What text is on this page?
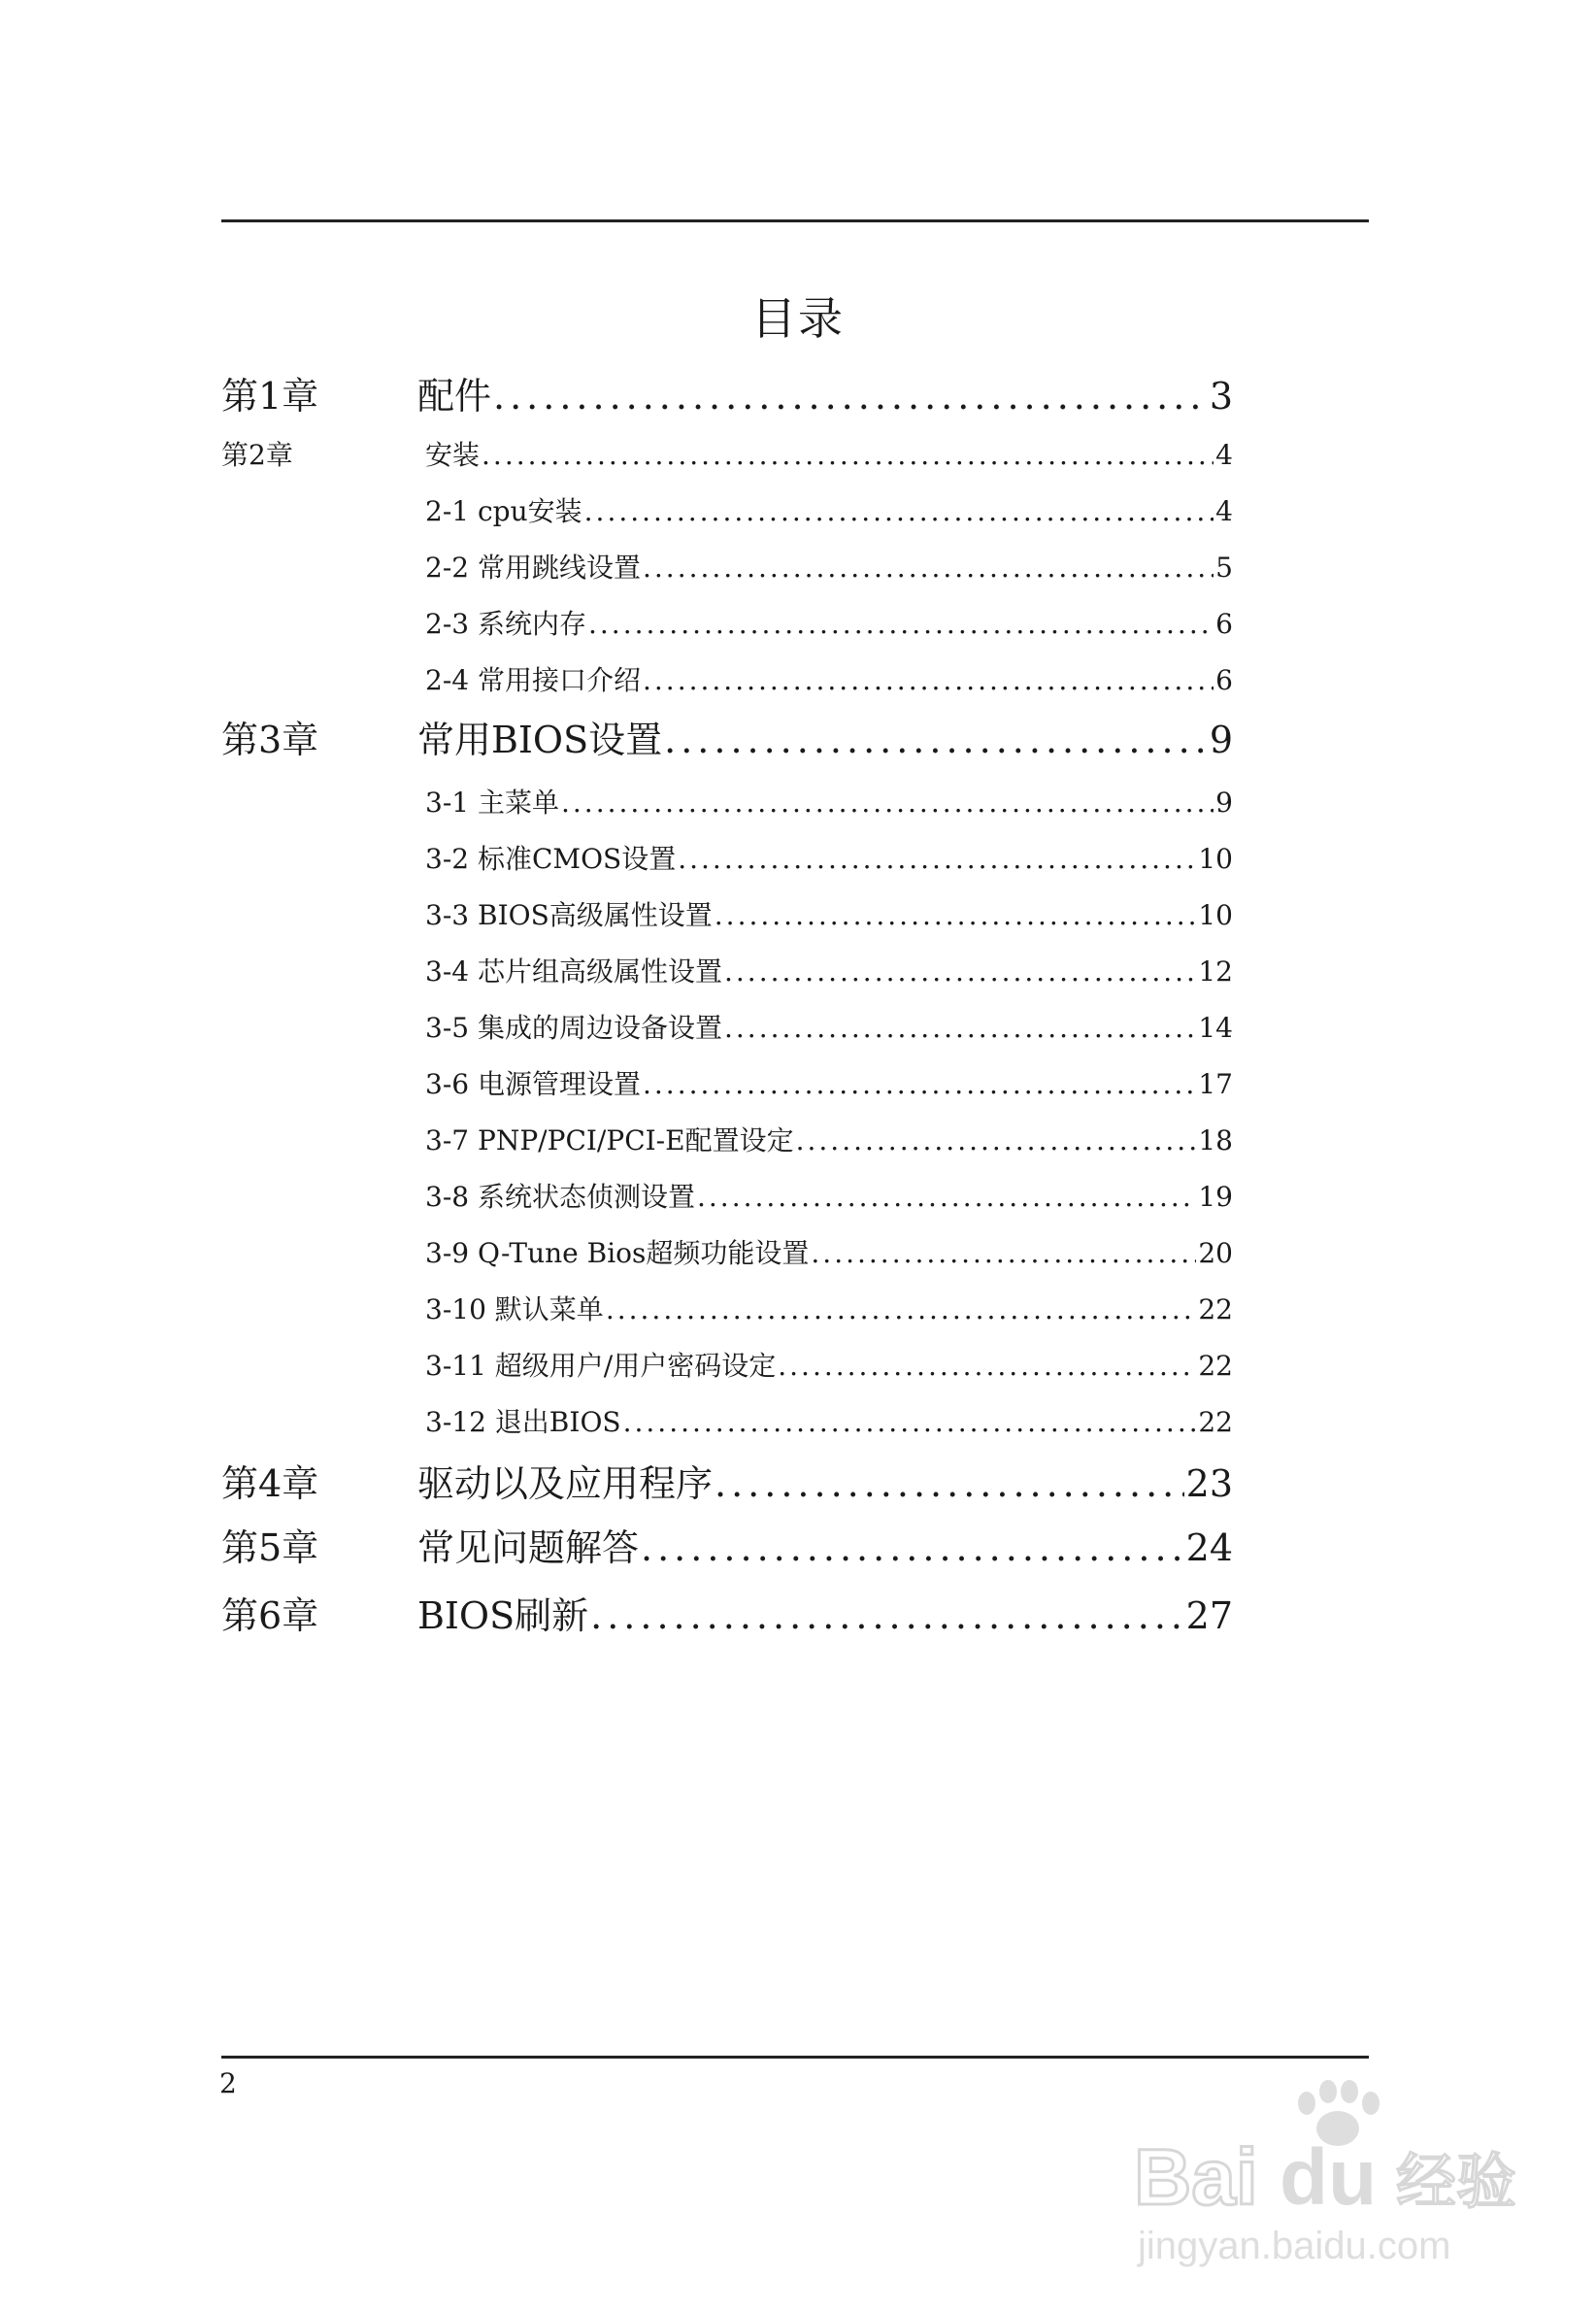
目录
第1章	配件 .....	3
第2章	安装 .....	4
2-1 cpu安装 .....	4
2-2 常用跳线设置 .....	5
2-3 系统内存 .....	6
2-4 常用接口介绍 .....	6
第3章	常用BIOS设置 .....	9
3-1 主菜单 .....	9
3-2 标准CMOS设置 .....	10
3-3 BIOS高级属性设置 .....	10
3-4 芯片组高级属性设置 .....	12
3-5 集成的周边设备设置 .....	14
3-6 电源管理设置 .....	17
3-7 PNP/PCI/PCI-E配置设定 .....	18
3-8 系统状态侦测设置 .....	19
3-9 Q-Tune Bios超频功能设置 .....	20
3-10 默认菜单 .....	22
3-11 超级用户/用户密码设定 .....	22
3-12 退出BIOS .....	22
第4章	驱动以及应用程序 .....	23
第5章	常见问题解答 .....	24
第6章	BIOS刷新 .....	27
2
Bai du 经验
jingyan.baidu.com
